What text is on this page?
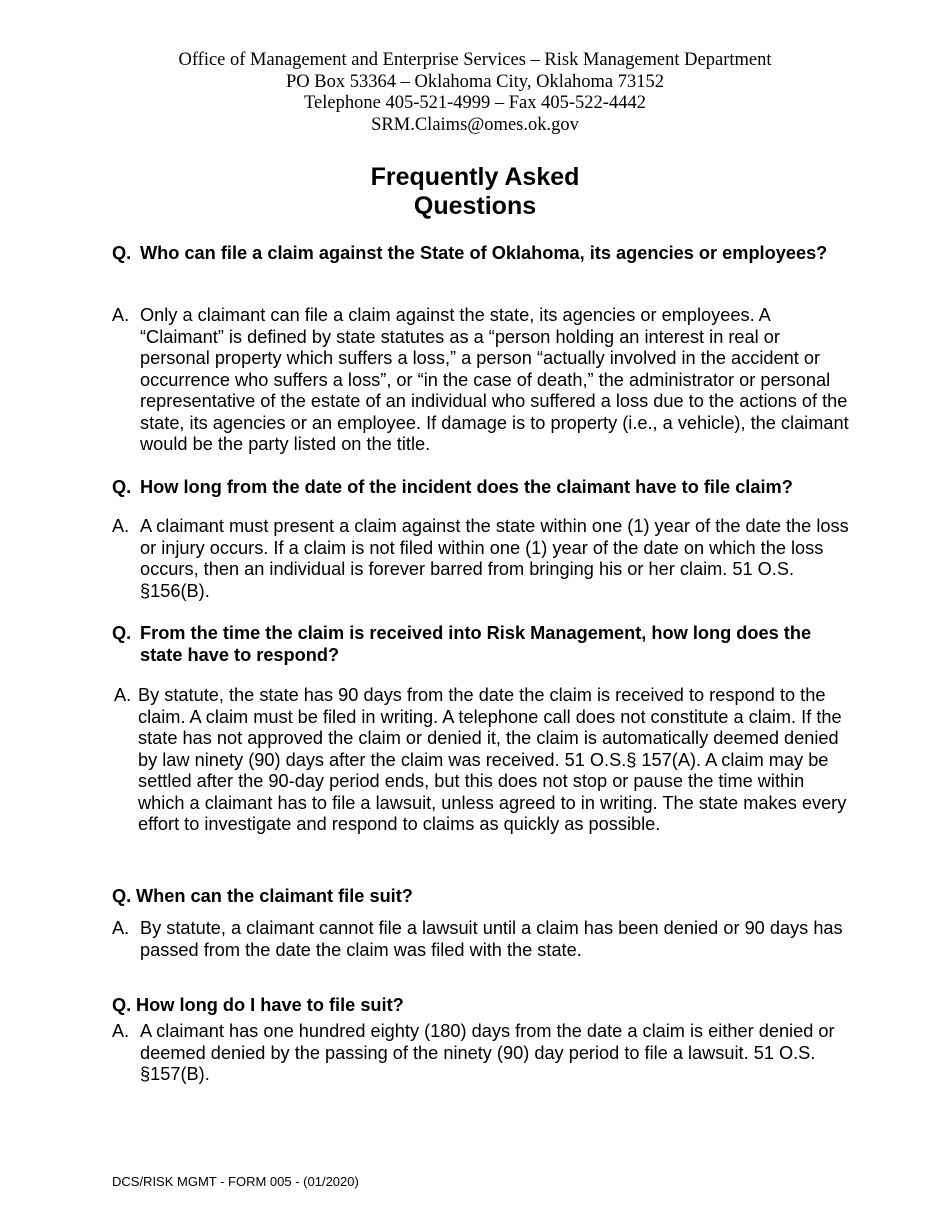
Office of Management and Enterprise Services – Risk Management Department
PO Box 53364 – Oklahoma City, Oklahoma 73152
Telephone 405-521-4999 – Fax 405-522-4442
SRM.Claims@omes.ok.gov
Frequently Asked
Questions
Q. Who can file a claim against the State of Oklahoma, its agencies or employees?
A. Only a claimant can file a claim against the state, its agencies or employees. A “Claimant” is defined by state statutes as a “person holding an interest in real or personal property which suffers a loss,” a person “actually involved in the accident or occurrence who suffers a loss”, or “in the case of death,” the administrator or personal representative of the estate of an individual who suffered a loss due to the actions of the state, its agencies or an employee. If damage is to property (i.e., a vehicle), the claimant would be the party listed on the title.
Q. How long from the date of the incident does the claimant have to file claim?
A. A claimant must present a claim against the state within one (1) year of the date the loss or injury occurs. If a claim is not filed within one (1) year of the date on which the loss occurs, then an individual is forever barred from bringing his or her claim. 51 O.S. §156(B).
Q. From the time the claim is received into Risk Management, how long does the state have to respond?
A. By statute, the state has 90 days from the date the claim is received to respond to the claim. A claim must be filed in writing. A telephone call does not constitute a claim. If the state has not approved the claim or denied it, the claim is automatically deemed denied by law ninety (90) days after the claim was received. 51 O.S.§ 157(A). A claim may be settled after the 90-day period ends, but this does not stop or pause the time within which a claimant has to file a lawsuit, unless agreed to in writing. The state makes every effort to investigate and respond to claims as quickly as possible.
Q. When can the claimant file suit?
A. By statute, a claimant cannot file a lawsuit until a claim has been denied or 90 days has passed from the date the claim was filed with the state.
Q. How long do I have to file suit?
A. A claimant has one hundred eighty (180) days from the date a claim is either denied or deemed denied by the passing of the ninety (90) day period to file a lawsuit. 51 O.S. §157(B).
DCS/RISK MGMT - FORM 005 - (01/2020)
